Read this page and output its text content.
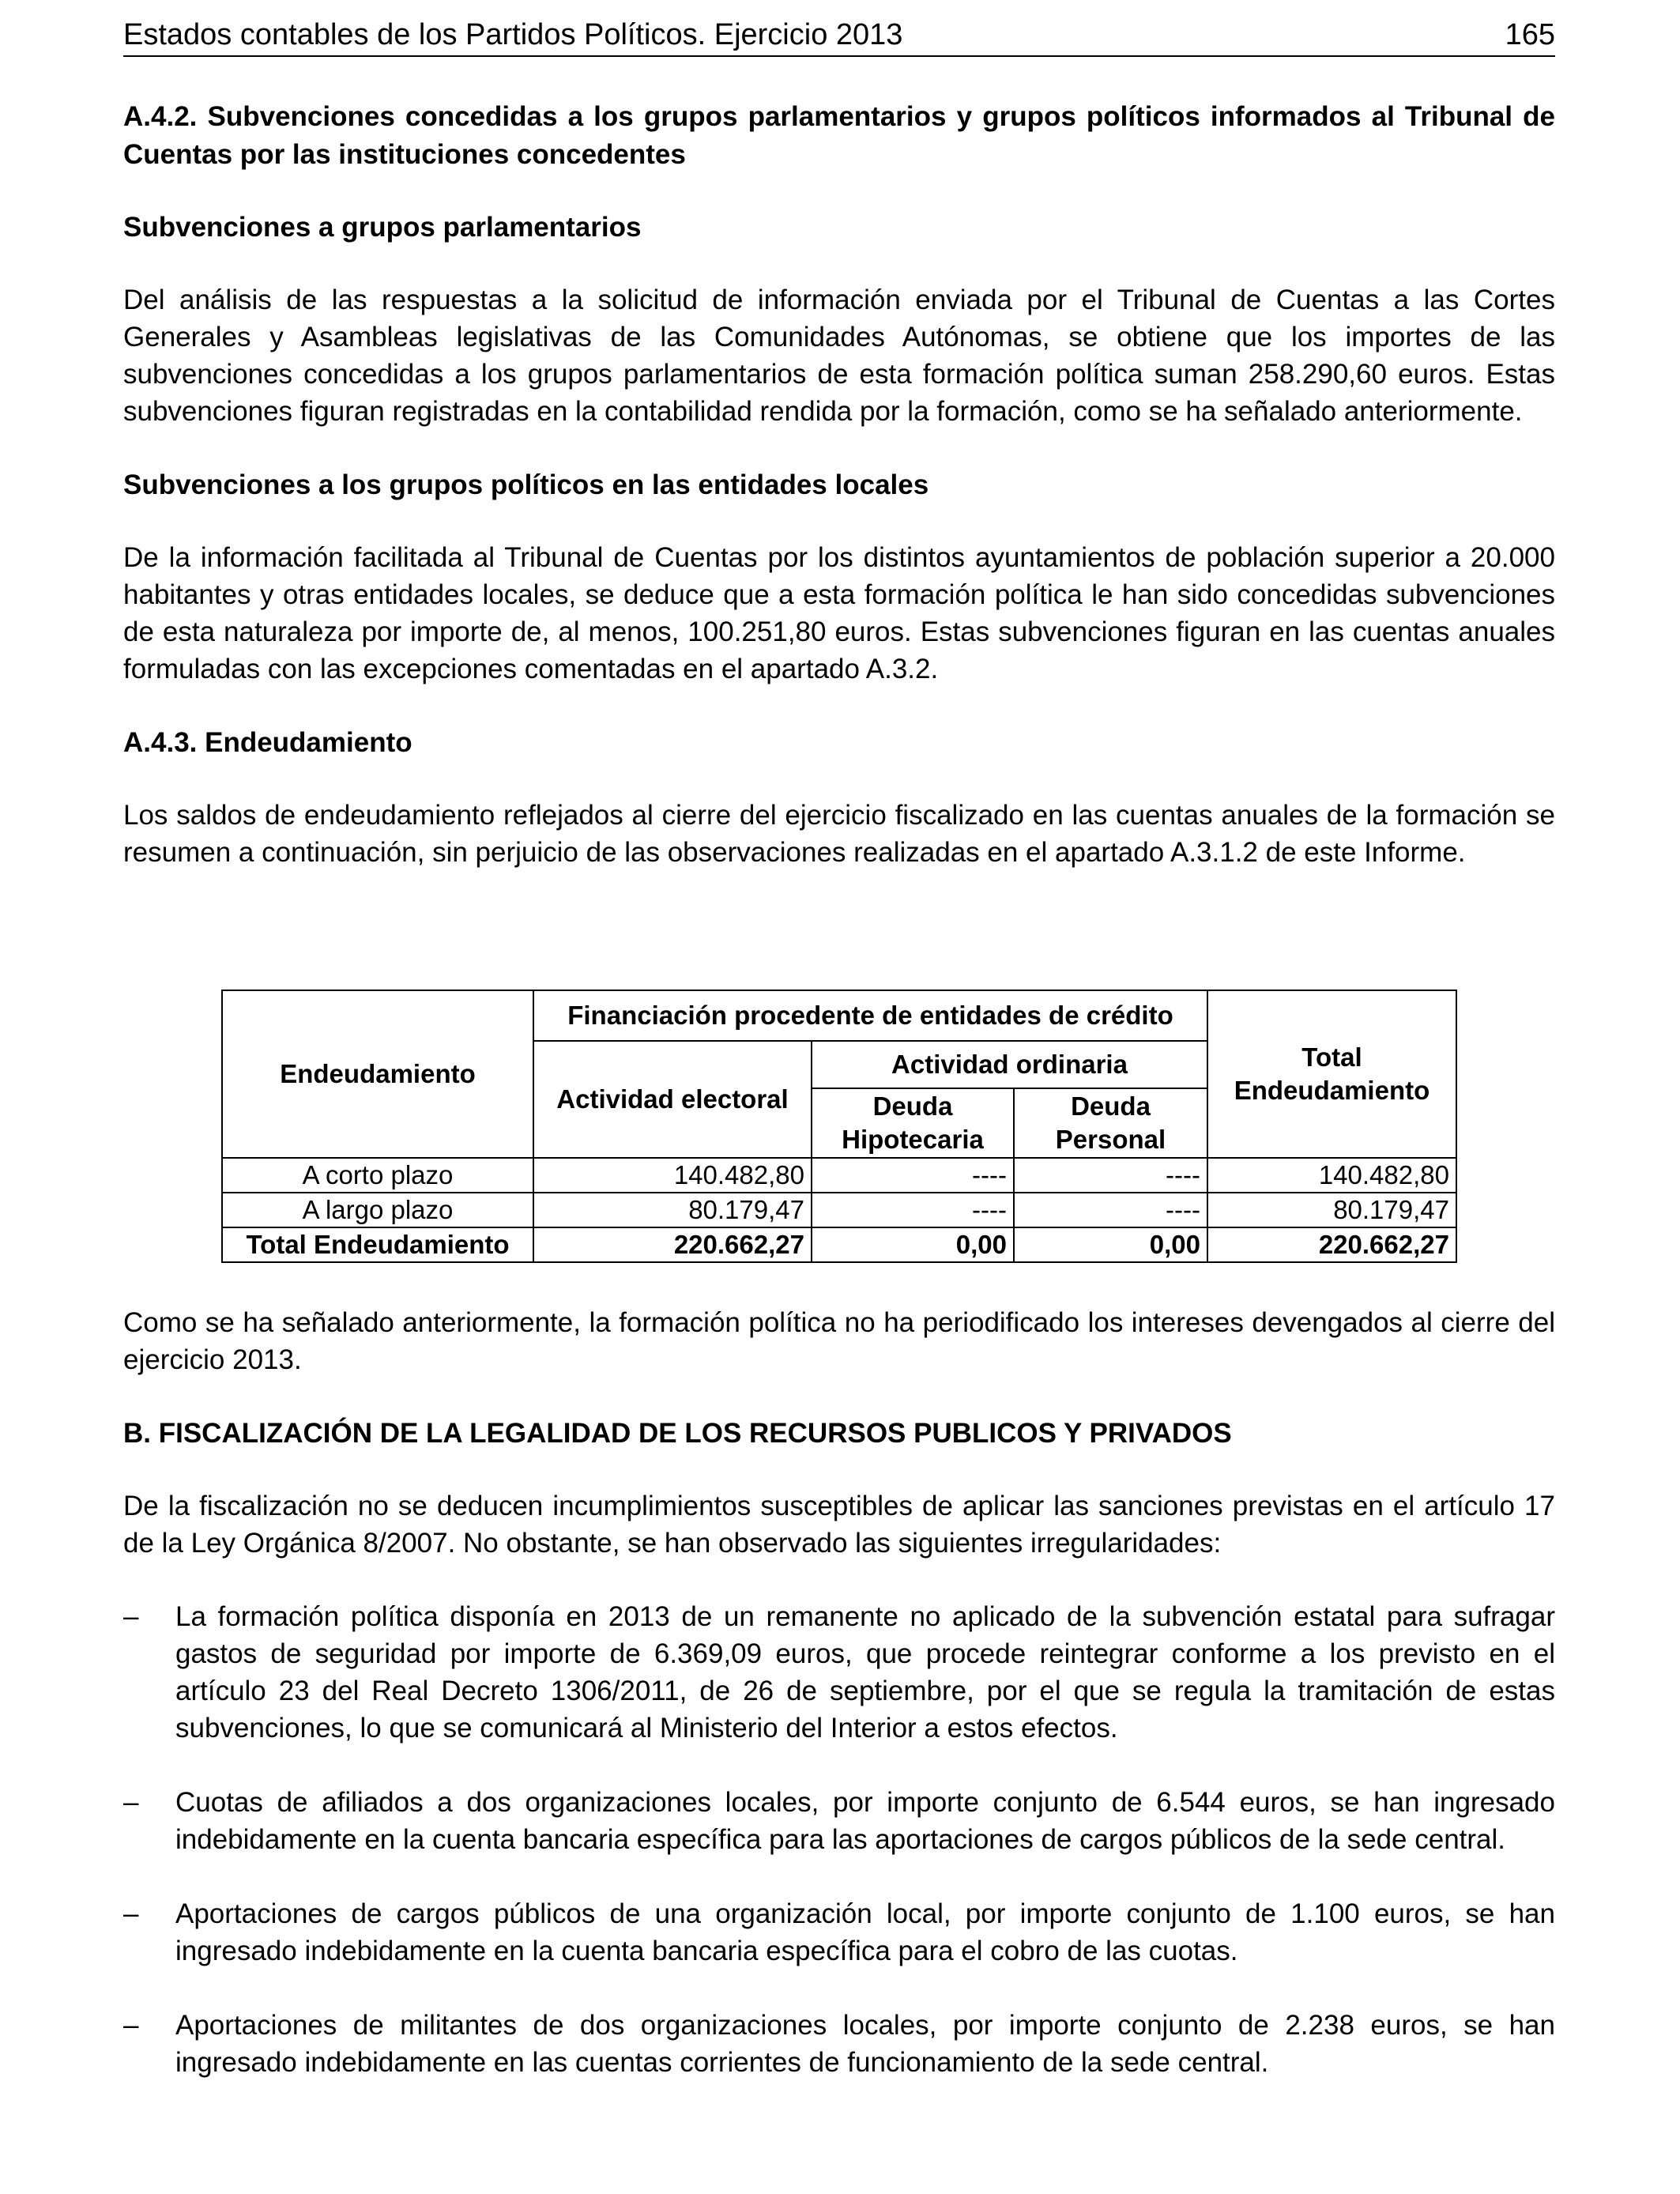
Estados contables de los Partidos Políticos. Ejercicio 2013	165
A.4.2. Subvenciones concedidas a los grupos parlamentarios y grupos políticos informados al Tribunal de Cuentas por las instituciones concedentes
Subvenciones a grupos parlamentarios

Del análisis de las respuestas a la solicitud de información enviada por el Tribunal de Cuentas a las Cortes Generales y Asambleas legislativas de las Comunidades Autónomas, se obtiene que los importes de las subvenciones concedidas a los grupos parlamentarios de esta formación política suman 258.290,60 euros. Estas subvenciones figuran registradas en la contabilidad rendida por la formación, como se ha señalado anteriormente.

Subvenciones a los grupos políticos en las entidades locales

De la información facilitada al Tribunal de Cuentas por los distintos ayuntamientos de población superior a 20.000 habitantes y otras entidades locales, se deduce que a esta formación política le han sido concedidas subvenciones de esta naturaleza por importe de, al menos, 100.251,80 euros. Estas subvenciones figuran en las cuentas anuales formuladas con las excepciones comentadas en el apartado A.3.2.

A.4.3. Endeudamiento

Los saldos de endeudamiento reflejados al cierre del ejercicio fiscalizado en las cuentas anuales de la formación se resumen a continuación, sin perjuicio de las observaciones realizadas en el apartado A.3.1.2 de este Informe.

Endeudamiento	Financiación procedente de entidades de crédito			Total Endeudamiento
	Actividad electoral	Actividad ordinaria		
		Deuda Hipotecaria	Deuda Personal	
A corto plazo	140.482,80	----	----	140.482,80
A largo plazo	80.179,47	----	----	80.179,47
Total Endeudamiento	220.662,27	0,00	0,00	220.662,27

Como se ha señalado anteriormente, la formación política no ha periodificado los intereses devengados al cierre del ejercicio 2013.

B. FISCALIZACIÓN DE LA LEGALIDAD DE LOS RECURSOS PUBLICOS Y PRIVADOS

De la fiscalización no se deducen incumplimientos susceptibles de aplicar las sanciones previstas en el artículo 17 de la Ley Orgánica 8/2007. No obstante, se han observado las siguientes irregularidades:

– La formación política disponía en 2013 de un remanente no aplicado de la subvención estatal para sufragar gastos de seguridad por importe de 6.369,09 euros, que procede reintegrar conforme a los previsto en el artículo 23 del Real Decreto 1306/2011, de 26 de septiembre, por el que se regula la tramitación de estas subvenciones, lo que se comunicará al Ministerio del Interior a estos efectos.
– Cuotas de afiliados a dos organizaciones locales, por importe conjunto de 6.544 euros, se han ingresado indebidamente en la cuenta bancaria específica para las aportaciones de cargos públicos de la sede central.
– Aportaciones de cargos públicos de una organización local, por importe conjunto de 1.100 euros, se han ingresado indebidamente en la cuenta bancaria específica para el cobro de las cuotas.
– Aportaciones de militantes de dos organizaciones locales, por importe conjunto de 2.238 euros, se han ingresado indebidamente en las cuentas corrientes de funcionamiento de la sede central.
